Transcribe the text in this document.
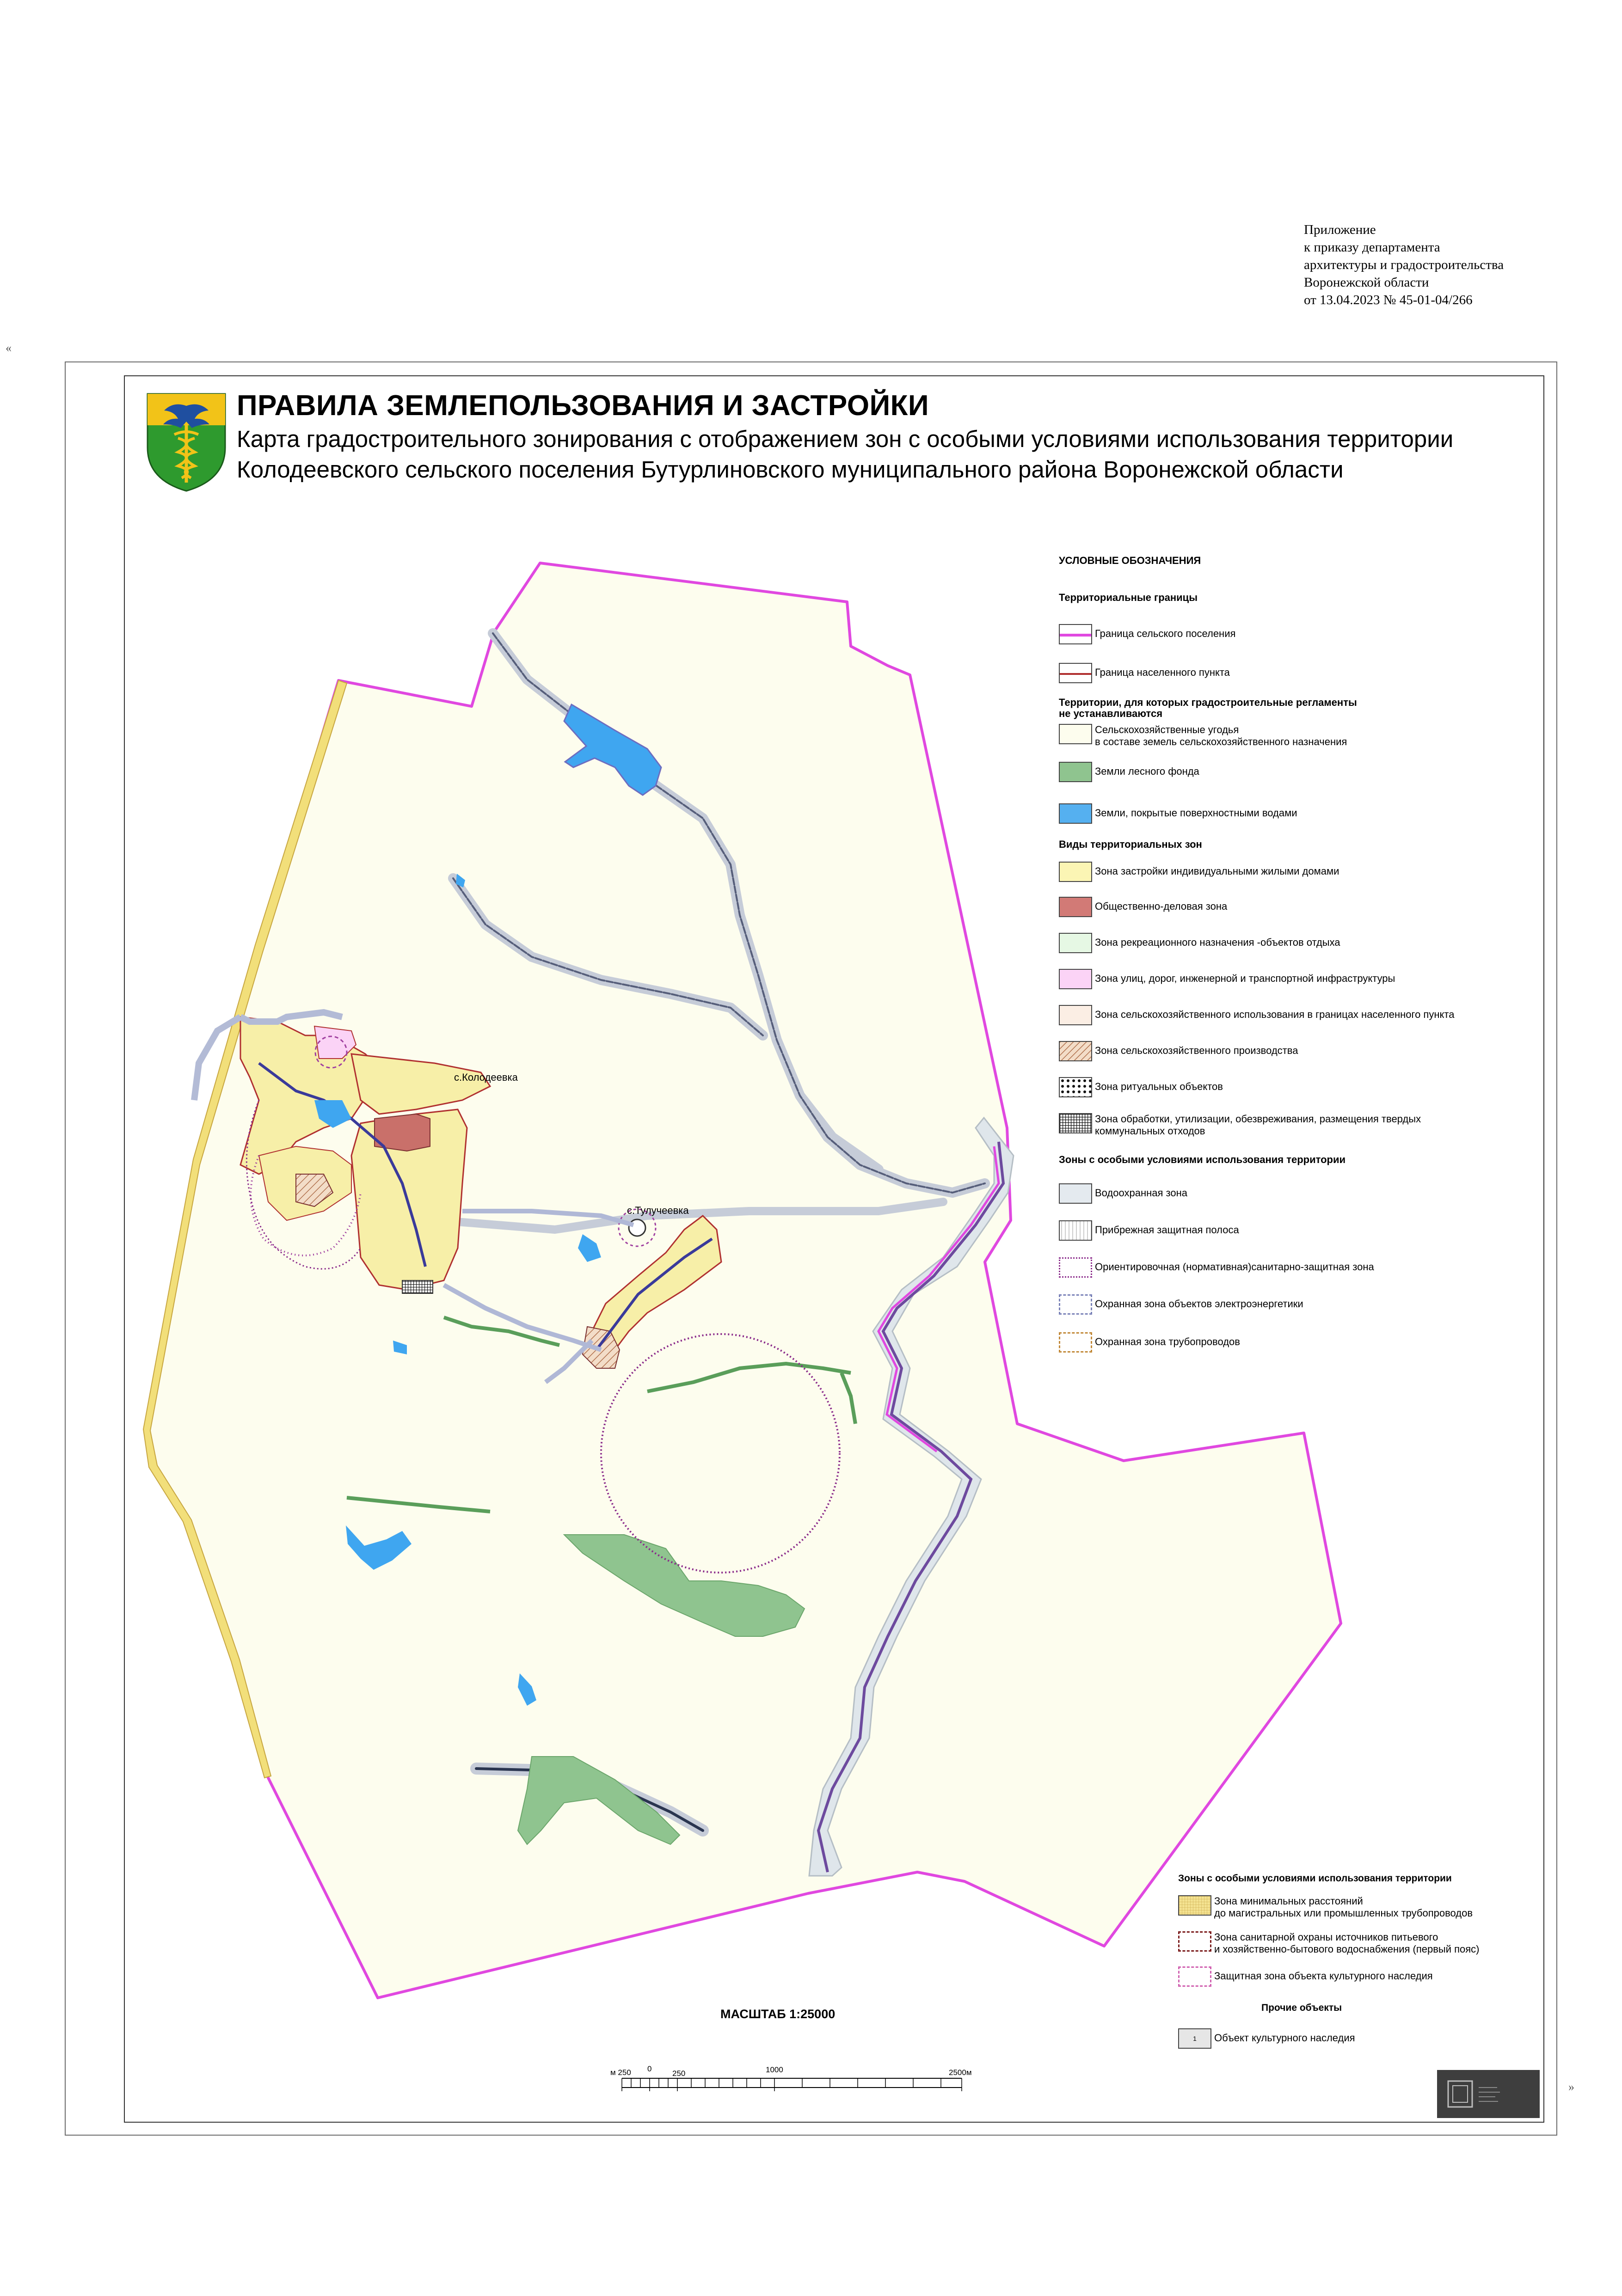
Приложение
к приказу департамента
архитектуры и градостроительства
Воронежской области
от 13.04.2023 № 45-01-04/266
«
»
ПРАВИЛА ЗЕМЛЕПОЛЬЗОВАНИЯ И ЗАСТРОЙКИ
Карта градостроительного зонирования с отображением зон с особыми условиями использования территории
Колодеевского сельского поселения Бутурлиновского муниципального района Воронежской области
с.Колодеевка
с.Тулучеевка
УСЛОВНЫЕ ОБОЗНАЧЕНИЯ
Территориальные границы
Граница сельского поселения
Граница населенного пункта
Территории, для которых градостроительные регламенты
не устанавливаются
Сельскохозяйственные угодья
в составе земель сельскохозяйственного назначения
Земли лесного фонда
Земли, покрытые поверхностными водами
Виды территориальных зон
Зона застройки индивидуальными жилыми домами
Общественно-деловая зона
Зона рекреационного назначения -объектов отдыха
Зона улиц, дорог, инженерной и транспортной инфраструктуры
Зона сельскохозяйственного использования в границах населенного пункта
Зона сельскохозяйственного производства
Зона ритуальных объектов
Зона обработки, утилизации, обезвреживания, размещения твердых
коммунальных отходов
Зоны с особыми условиями использования территории
Водоохранная зона
Прибрежная защитная полоса
Ориентировочная (нормативная)санитарно-защитная зона
Охранная зона объектов электроэнергетики
Охранная зона трубопроводов
Зоны с особыми условиями использования территории
Зона минимальных расстояний
до магистральных или промышленных трубопроводов
Зона санитарной охраны источников питьевого
и хозяйственно-бытового водоснабжения (первый пояс)
Защитная зона объекта культурного наследия
Прочие объекты
1	Объект культурного наследия
МАСШТАБ 1:25000
м 250 0
250	1000	2500м
